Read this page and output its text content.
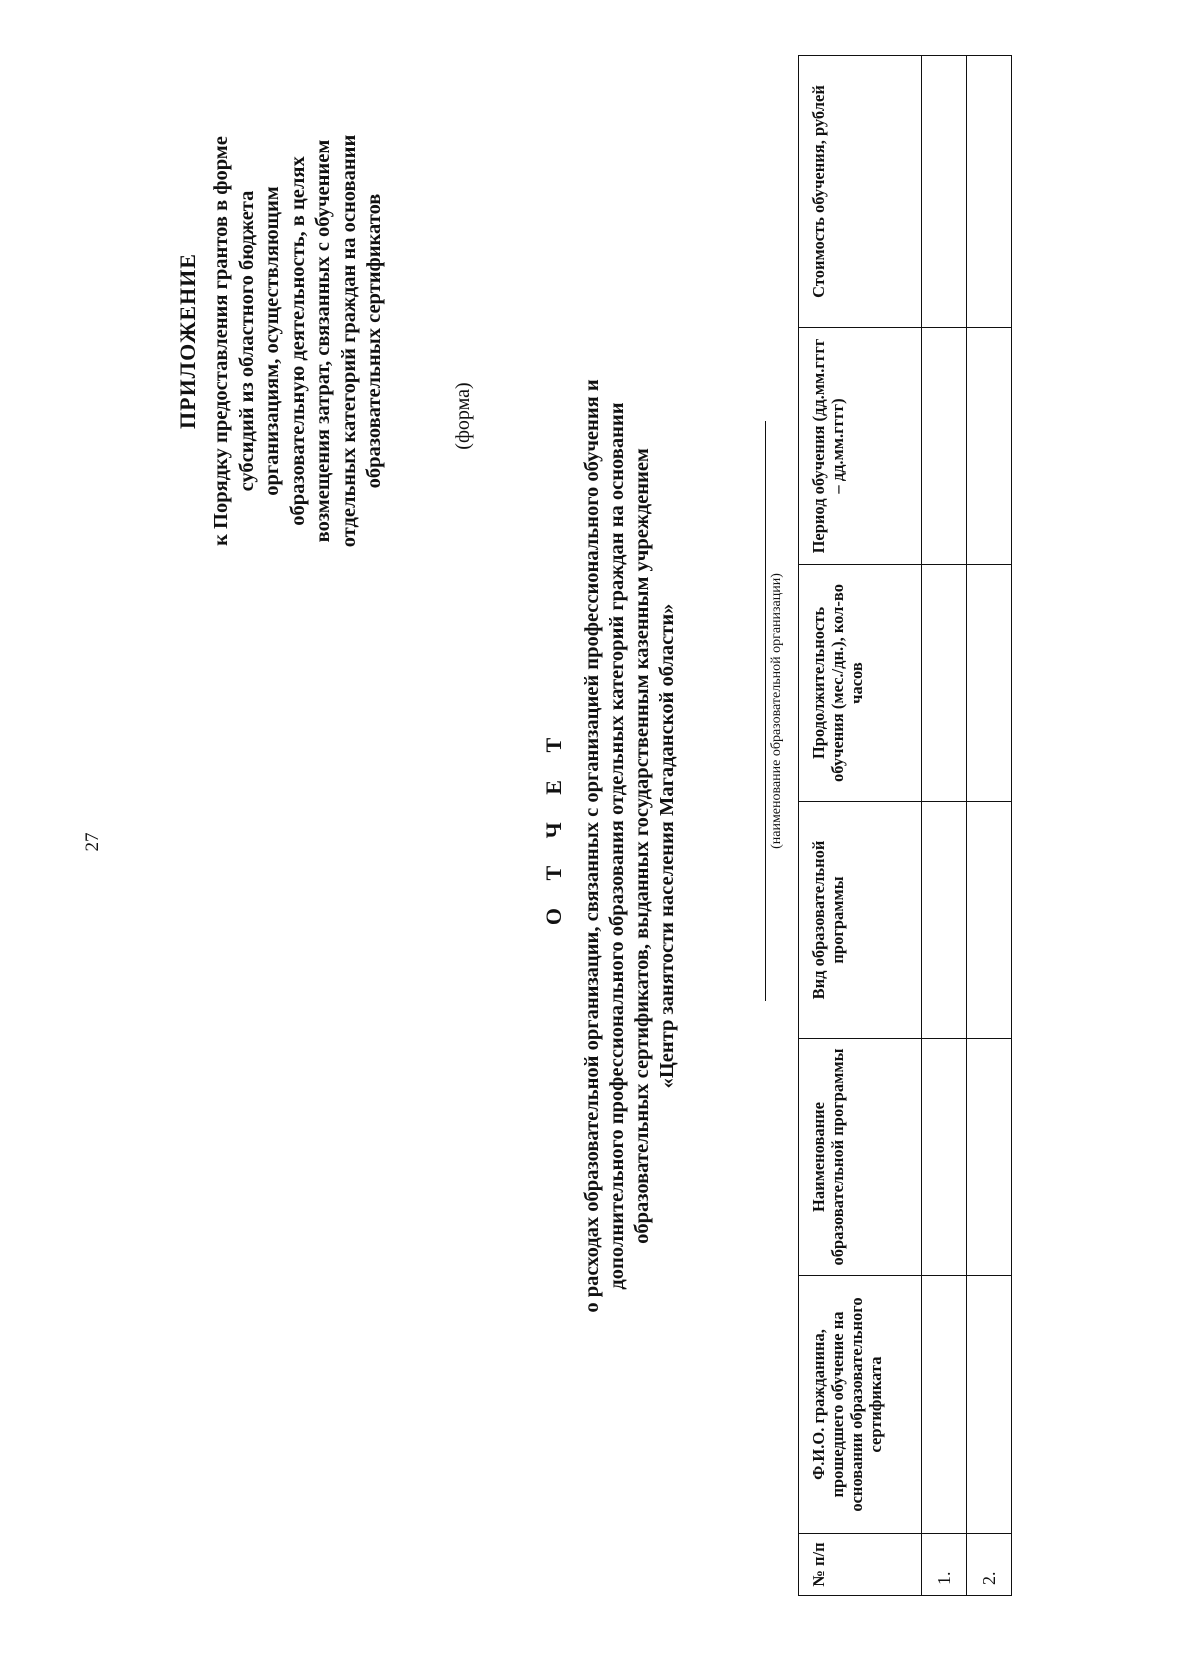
27
ПРИЛОЖЕНИЕ к Порядку предоставления грантов в форме субсидий из областного бюджета организациям, осуществляющим образовательную деятельность, в целях возмещения затрат, связанных с обучением отдельных категорий граждан на основании образовательных сертификатов	(форма)
О Т Ч Е Т о расходах образовательной организации, связанных с организацией профессионального обучения и дополнительного профессионального образования отдельных категорий граждан на основании образовательных сертификатов, выданных государственным казенным учреждением «Центр занятости населения Магаданской области»	(наименование образовательной организации)
№ п/п	Ф.И.О. гражданина, прошедшего обучение на основании образовательного сертификата	Наименование образовательной программы	Вид образовательной программы	Продолжительность обучения (мес./дн.), кол-во часов	Период обучения (дд.мм.гггг – дд.мм.гггг)	Стоимость обучения, рублей
1.						
2.						
